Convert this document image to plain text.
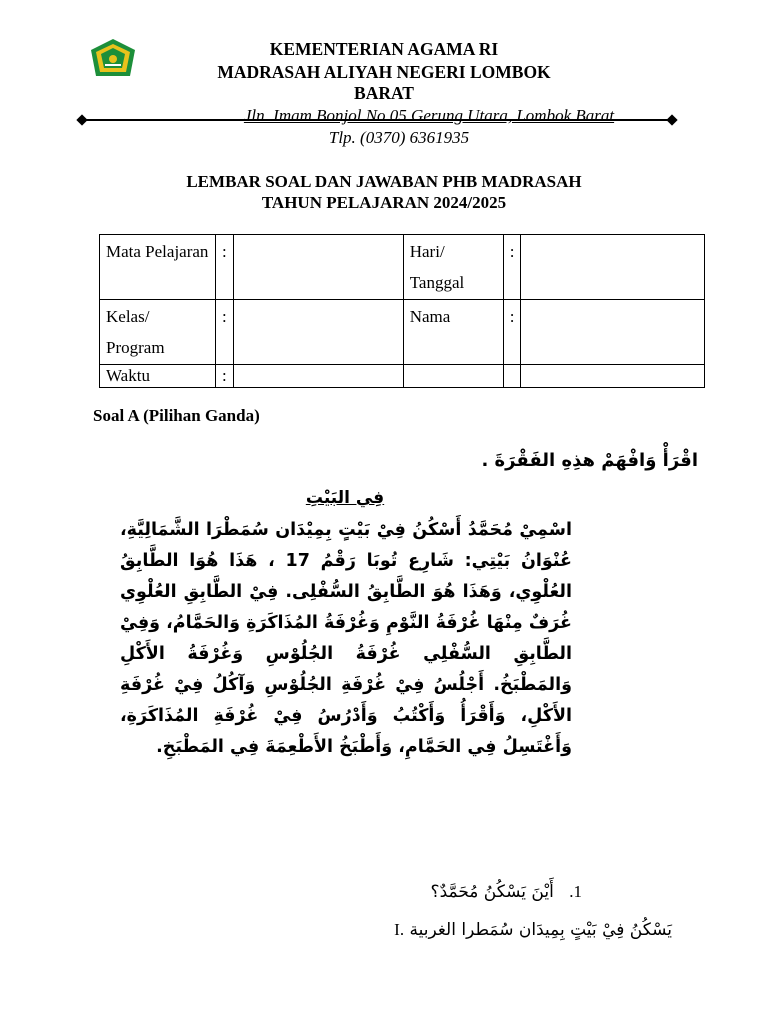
KEMENTERIAN AGAMA RI
MADRASAH ALIYAH NEGERI LOMBOK
BARAT
Jln. Imam Bonjol No 05 Gerung Utara, Lombok Barat
Tlp. (0370) 6361935
LEMBAR SOAL DAN JAWABAN PHB MADRASAH
TAHUN PELAJARAN 2024/2025
Mata Pelajaran	:		Hari/ Tanggal	:	
Kelas/ Program	:		Nama	:	
Waktu	:				
Soal A (Pilihan Ganda)
اقْرَأْ وَافْهَمْ هذِهِ الفَقْرَةَ .
فِي البَيْتِ
اسْمِيْ مُحَمَّدُ أَسْكُنُ فِيْ بَيْتٍ بِمِيْدَان سُمَطْرَا الشَّمَالِيَّةِ، عُنْوَانُ بَيْتِي: شَارِع تُوبَا رَقْمُ 17 ، هَذَا هُوَا الطَّابِقُ العُلْوِي، وَهَذَا هُوَ الطَّابِقُ السُّفْلِى. فِيْ الطَّابِقِ العُلْوِي غُرَفٌ مِنْهَا غُرْفَةُ النَّوْمِ وَغُرْفَةُ المُذَاكَرَةِ وَالحَمَّامُ، وَفِيْ الطَّابِقِ السُّفْلِي غُرْفَةُ الجُلُوْسِ وَغُرْفَةُ الأَكْلِ وَالمَطْبَخُ. أَجْلُسُ فِيْ غُرْفَةِ الجُلُوْسِ وَآكُلُ فِيْ غُرْفَةِ الأَكْلِ، وَأَقْرَأُ وَأَكْتُبُ وَأَدْرُسُ فِيْ غُرْفَةِ المُذَاكَرَةِ، وَأَغْتَسِلُ فِي الحَمَّامِ، وَأَطْبَخُ الأَطْعِمَةَ فِي المَطْبَخِ.
1. أَيْنَ يَسْكُنُ مُحَمَّدٌ؟
I. يَسْكُنُ فِيْ بَيْتٍ بِمِيدَان سُمَطرا الغربية
